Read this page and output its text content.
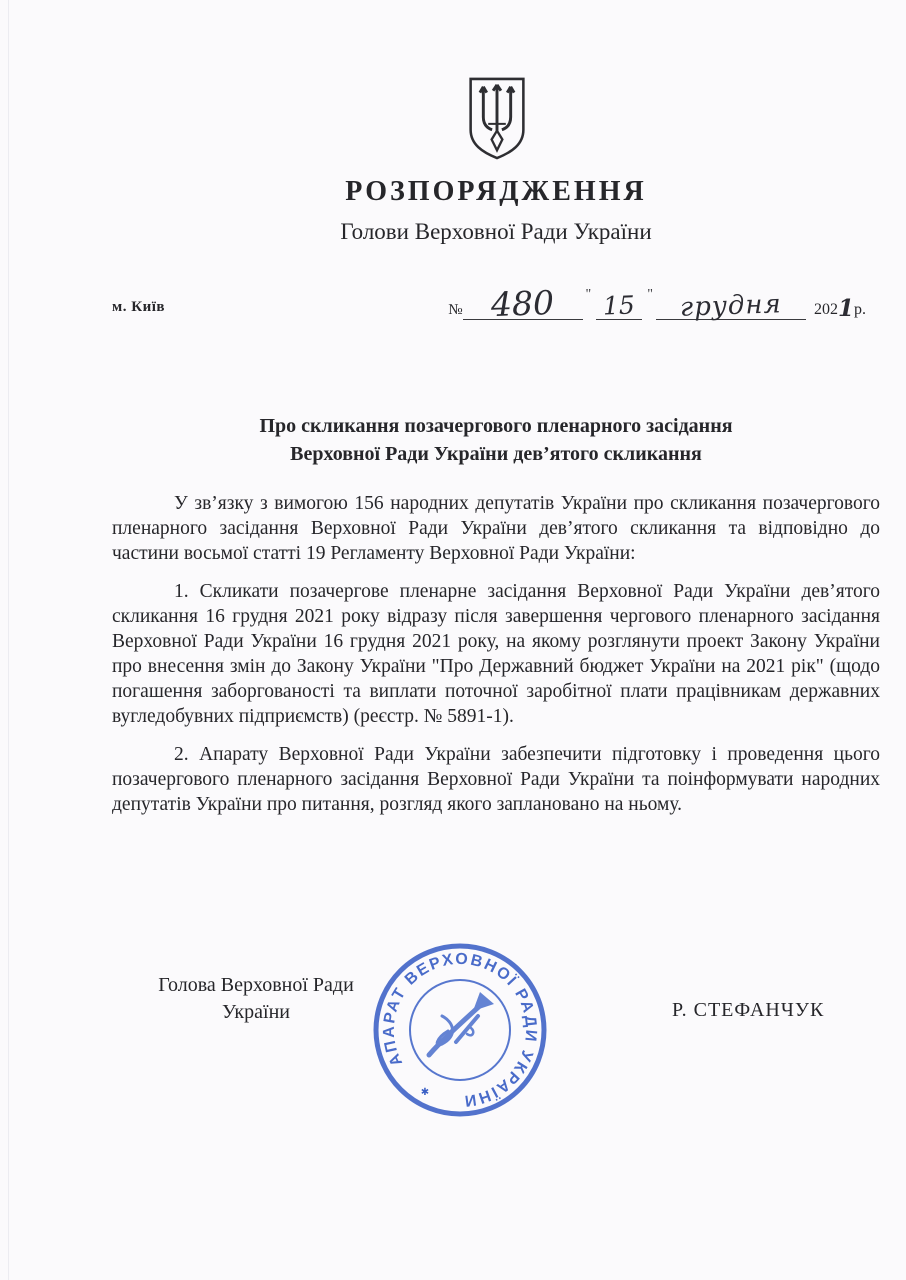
РОЗПОРЯДЖЕННЯ
Голови Верховної Ради України
м. Київ	№ 480 " 15 " грудня 2021р.
Про скликання позачергового пленарного засідання
Верховної Ради України дев’ятого скликання

У зв’язку з вимогою 156 народних депутатів України про скликання позачергового пленарного засідання Верховної Ради України дев’ятого скликання та відповідно до частини восьмої статті 19 Регламенту Верховної Ради України:

1. Скликати позачергове пленарне засідання Верховної Ради України дев’ятого скликання 16 грудня 2021 року відразу після завершення чергового пленарного засідання Верховної Ради України 16 грудня 2021 року, на якому розглянути проект Закону України про внесення змін до Закону України "Про Державний бюджет України на 2021 рік" (щодо погашення заборгованості та виплати поточної заробітної плати працівникам державних вугледобувних підприємств) (реєстр. № 5891-1).

2. Апарату Верховної Ради України забезпечити підготовку і проведення цього позачергового пленарного засідання Верховної Ради України та поінформувати народних депутатів України про питання, розгляд якого заплановано на ньому.

Голова Верховної Ради
України	Р. СТЕФАНЧУК
АПАРАТ ВЕРХОВНОЇ РАДИ УКРАЇНИ
✱
